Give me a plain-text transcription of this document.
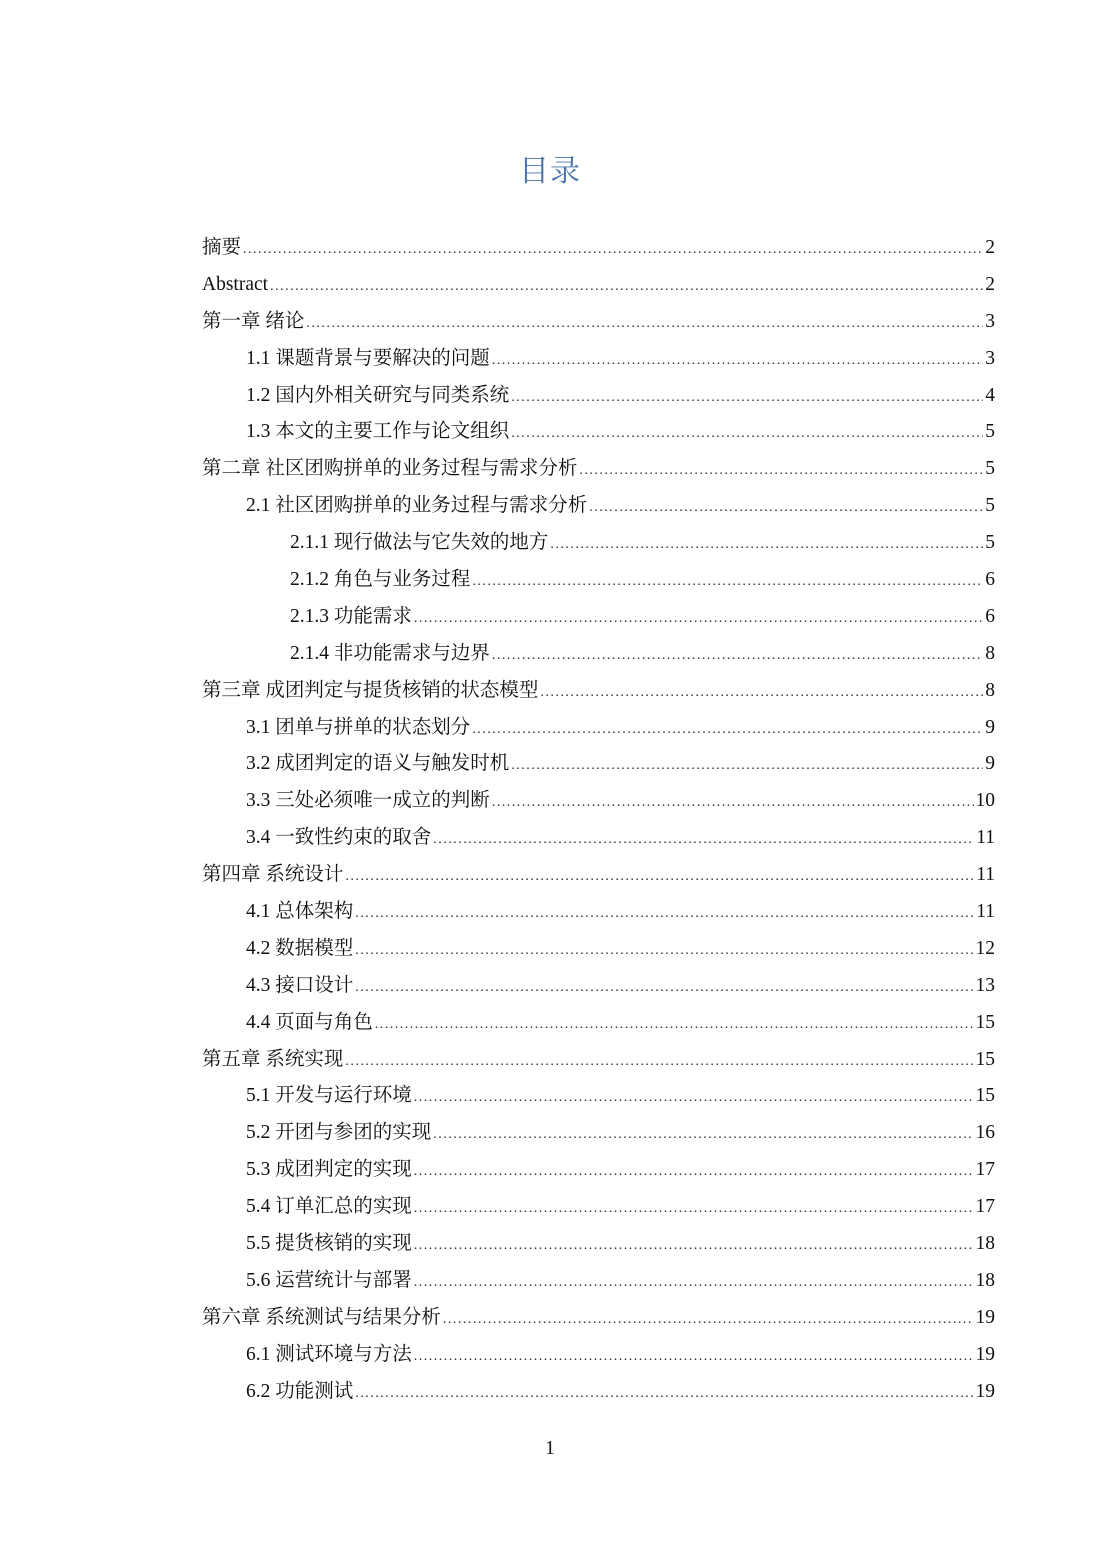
目录
摘要 .....	2
Abstract .....	2
第一章 绪论 .....	3
1.1 课题背景与要解决的问题 .....	3
1.2 国内外相关研究与同类系统 .....	4
1.3 本文的主要工作与论文组织 .....	5
第二章 社区团购拼单的业务过程与需求分析 .....	5
2.1 社区团购拼单的业务过程与需求分析 .....	5
2.1.1 现行做法与它失效的地方 .....	5
2.1.2 角色与业务过程 .....	6
2.1.3 功能需求 .....	6
2.1.4 非功能需求与边界 .....	8
第三章 成团判定与提货核销的状态模型 .....	8
3.1 团单与拼单的状态划分 .....	9
3.2 成团判定的语义与触发时机 .....	9
3.3 三处必须唯一成立的判断 .....	10
3.4 一致性约束的取舍 .....	11
第四章 系统设计 .....	11
4.1 总体架构 .....	11
4.2 数据模型 .....	12
4.3 接口设计 .....	13
4.4 页面与角色 .....	15
第五章 系统实现 .....	15
5.1 开发与运行环境 .....	15
5.2 开团与参团的实现 .....	16
5.3 成团判定的实现 .....	17
5.4 订单汇总的实现 .....	17
5.5 提货核销的实现 .....	18
5.6 运营统计与部署 .....	18
第六章 系统测试与结果分析 .....	19
6.1 测试环境与方法 .....	19
6.2 功能测试 .....	19
1
